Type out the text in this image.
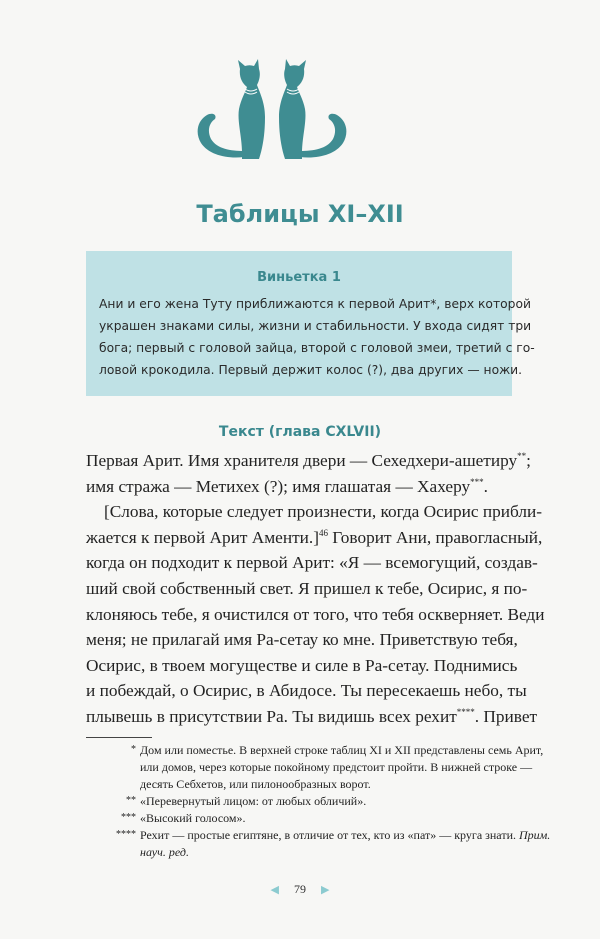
Таблицы XI–XII
Виньетка 1
Ани и его жена Туту приближаются к первой Арит*, верх которой
украшен знаками силы, жизни и стабильности. У входа сидят три
бога; первый с головой зайца, второй с головой змеи, третий с го-
ловой крокодила. Первый держит колос (?), два других — ножи.
Текст (глава CXLVII)
Первая Арит. Имя хранителя двери — Сехедхери-ашетиру**;
имя стража — Метихех (?); имя глашатая — Хахеру***.
[Слова, которые следует произнести, когда Осирис прибли-
жается к первой Арит Аменти.]$^{46}$ Говорит Ани, правогласный,
когда он подходит к первой Арит: «Я — всемогущий, создав-
ший свой собственный свет. Я пришел к тебе, Осирис, я по-
клоняюсь тебе, я очистился от того, что тебя оскверняет. Веди
меня; не прилагай имя Ра-сетау ко мне. Приветствую тебя,
Осирис, в твоем могуществе и силе в Ра-сетау. Поднимись
и побеждай, о Осирис, в Абидосе. Ты пересекаешь небо, ты
плывешь в присутствии Ра. Ты видишь всех рехит****. Привет
* Дом или поместье. В верхней строке таблиц XI и XII представлены семь Арит,
или домов, через которые покойному предстоит пройти. В нижней строке —
десять Себхетов, или пилонообразных ворот.
** «Перевернутый лицом: от любых обличий».
*** «Высокий голосом».
**** Рехит — простые египтяне, в отличие от тех, кто из «пат» — круга знати. Прим.
науч. ред.
◀ 79 ▶
